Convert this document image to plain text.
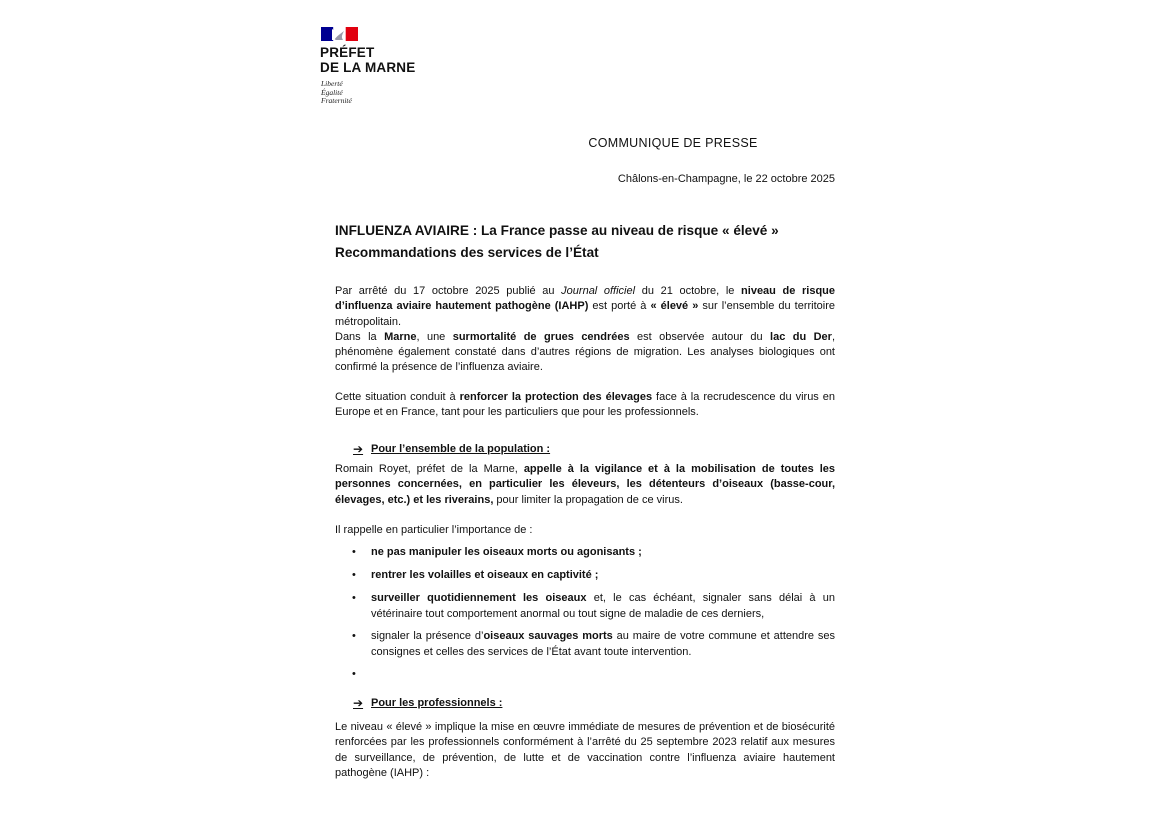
PRÉFET
DE LA MARNE
Liberté
Égalité
Fraternité
COMMUNIQUE DE PRESSE
Châlons-en-Champagne, le 22 octobre 2025
INFLUENZA AVIAIRE : La France passe au niveau de risque « élevé »
Recommandations des services de l’État

Par arrêté du 17 octobre 2025 publié au Journal officiel du 21 octobre, le niveau de risque d’influenza aviaire hautement pathogène (IAHP) est porté à « élevé » sur l’ensemble du territoire métropolitain.

Dans la Marne, une surmortalité de grues cendrées est observée autour du lac du Der, phénomène également constaté dans d’autres régions de migration. Les analyses biologiques ont confirmé la présence de l’influenza aviaire.

Cette situation conduit à renforcer la protection des élevages face à la recrudescence du virus en Europe et en France, tant pour les particuliers que pour les professionnels.

➔ Pour l’ensemble de la population :

Romain Royet, préfet de la Marne, appelle à la vigilance et à la mobilisation de toutes les personnes concernées, en particulier les éleveurs, les détenteurs d’oiseaux (basse-cour, élevages, etc.) et les riverains, pour limiter la propagation de ce virus.

Il rappelle en particulier l’importance de :
• ne pas manipuler les oiseaux morts ou agonisants ;
• rentrer les volailles et oiseaux en captivité ;
• surveiller quotidiennement les oiseaux et, le cas échéant, signaler sans délai à un vétérinaire tout comportement anormal ou tout signe de maladie de ces derniers,
• signaler la présence d’oiseaux sauvages morts au maire de votre commune et attendre ses consignes et celles des services de l’État avant toute intervention.
•
➔ Pour les professionnels :
Le niveau « élevé » implique la mise en œuvre immédiate de mesures de prévention et de biosécurité renforcées par les professionnels conformément à l’arrêté du 25 septembre 2023 relatif aux mesures de surveillance, de prévention, de lutte et de vaccination contre l’influenza aviaire hautement pathogène (IAHP) :
